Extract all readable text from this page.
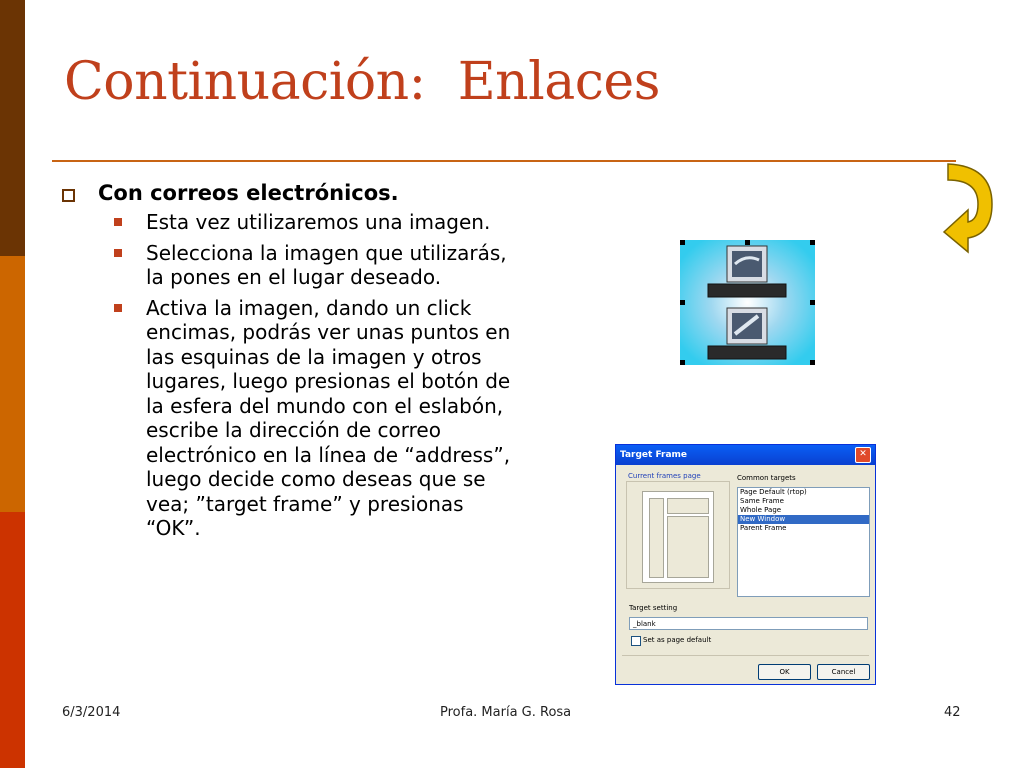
Continuación:  Enlaces
Con correos electrónicos.
Esta vez utilizaremos una imagen.
Selecciona la imagen que utilizarás, la pones en el lugar deseado.
Activa la imagen, dando un click encimas, podrás ver unas puntos en las esquinas de la imagen y otros lugares, luego presionas el botón de la esfera del mundo con el eslabón, escribe la dirección de correo electrónico en la línea de “address”, luego decide como deseas que se vea; ”target frame” y presionas “OK”.
Target Frame	✕
Current frames page	Common targets
Page Default (rtop)
Same Frame
Whole Page
New Window
Parent Frame
Target setting
_blank
Set as page default
OK	Cancel
6/3/2014	Profa. María G. Rosa	42
